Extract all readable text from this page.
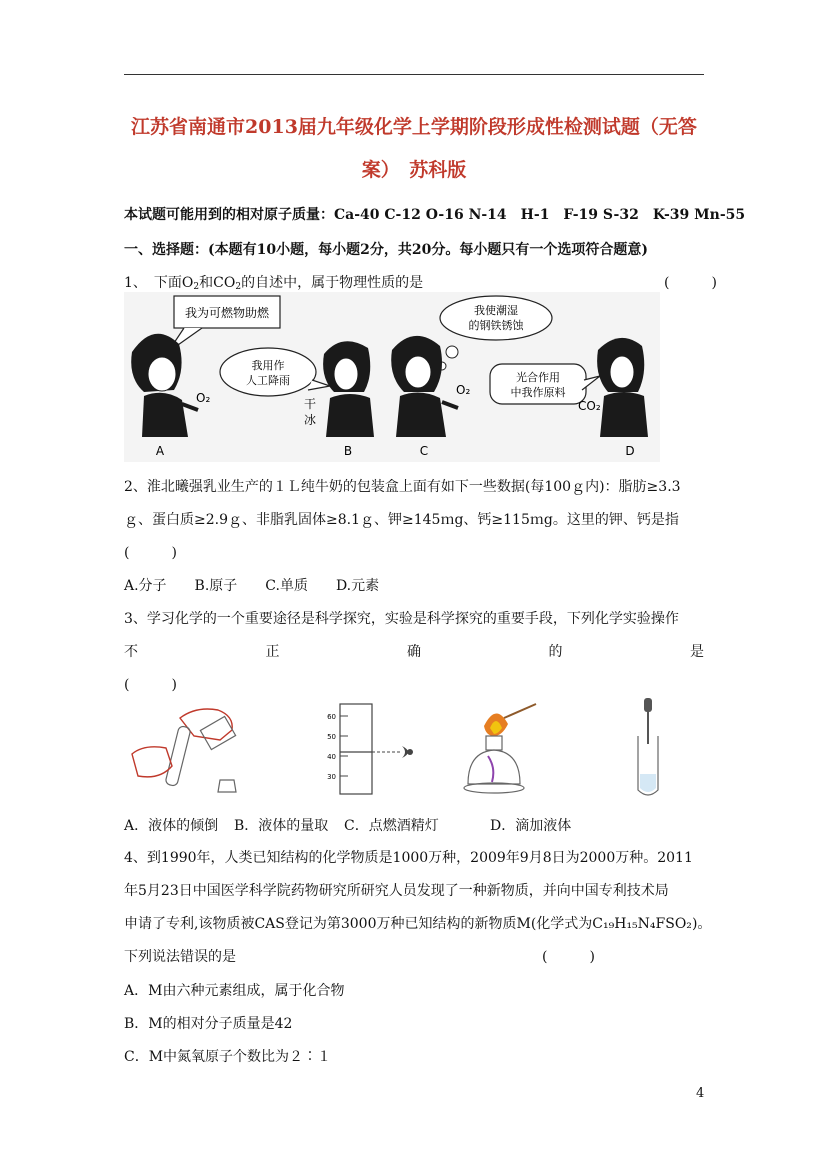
江苏省南通市2013届九年级化学上学期阶段形成性检测试题（无答
案）　苏科版
本试题可能用到的相对原子质量：Ca-40 C-12 O-16 N-14　H-1　F-19 S-32　K-39 Mn-55
一、选择题：(本题有10小题，每小题2分，共20分。每小题只有一个选项符合题意)
1、　下面$O_2$和$CO_2$的自述中，属于物理性质的是	(　　　)
我为可燃物助燃
O₂
A
我用作
人工降雨
干
冰
B
我使潮湿
的钢铁锈蚀
O₂
C
光合作用
中我作原料
CO₂
D
2、淮北曦强乳业生产的１Ｌ纯牛奶的包装盒上面有如下一些数据(每100ｇ内)：脂肪≥3.3
ｇ、蛋白质≥2.9ｇ、非脂乳固体≥8.1ｇ、钾≥145ｍg、钙≥115ｍg。这里的钾、钙是指
(　　　)
A.分子　　B.原子　　C.单质　　D.元素
3、学习化学的一个重要途径是科学探究，实验是科学探究的重要手段，下列化学实验操作
不	正	确	的	是
(　　　)
60
50
40
30
A．液体的倾倒 B．液体的量取 C．点燃酒精灯	D．滴加液体
4、到1990年，人类已知结构的化学物质是1000万种，2009年9月8日为2000万种。2011
年5月23日中国医学科学院药物研究所研究人员发现了一种新物质，并向中国专利技术局
申请了专利,该物质被CAS登记为第3000万种已知结构的新物质M(化学式为C₁₉H₁₅N₄FSO₂)。
下列说法错误的是	(　　　)
A．M由六种元素组成，属于化合物
B．M的相对分子质量是42
C．M中氮氧原子个数比为２∶１
4
